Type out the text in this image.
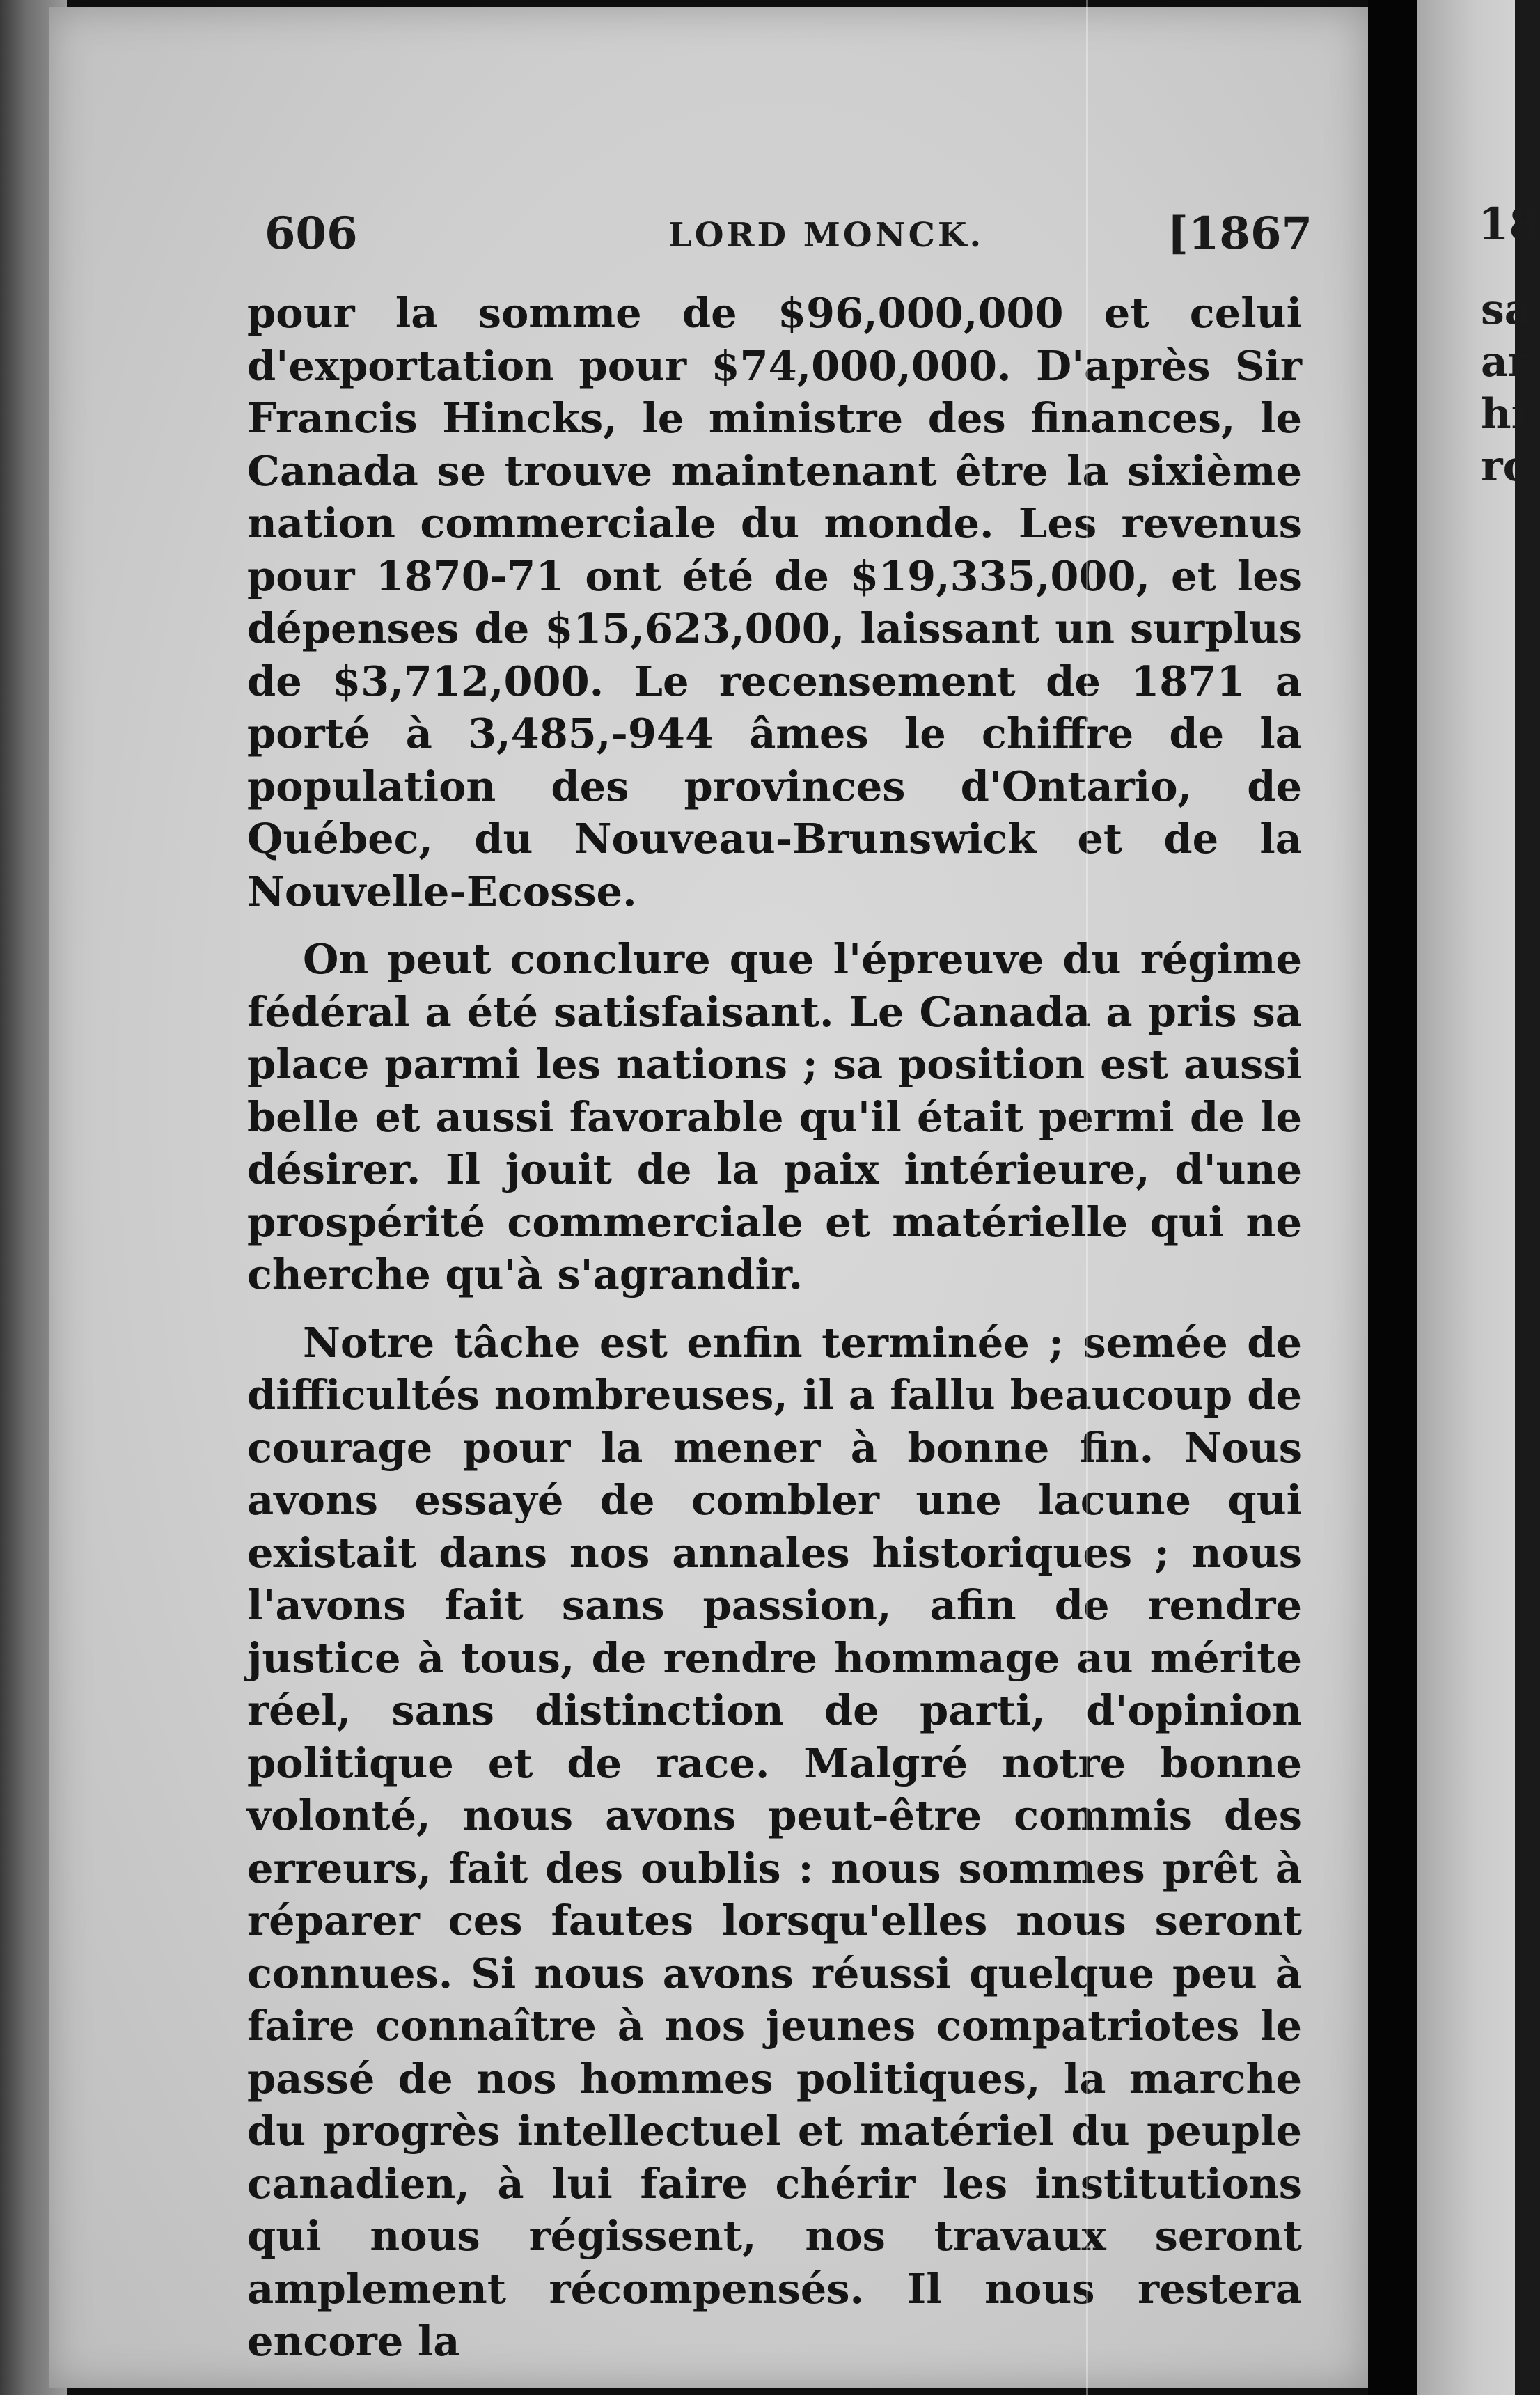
606	LORD MONCK.	[1867

pour la somme de $96,000,000 et celui d'exportation pour $74,000,000. D'après Sir Francis Hincks, le ministre des finances, le Canada se trouve maintenant être la sixième nation commerciale du monde. Les revenus pour 1870-71 ont été de $19,335,000, et les dépenses de $15,623,000, laissant un surplus de $3,712,000. Le recensement de 1871 a porté à 3,485,-944 âmes le chiffre de la population des provinces d'Ontario, de Québec, du Nouveau-Brunswick et de la Nouvelle-Ecosse.

On peut conclure que l'épreuve du régime fédéral a été satisfaisant. Le Canada a pris sa place parmi les nations ; sa position est aussi belle et aussi favorable qu'il était permi de le désirer. Il jouit de la paix intérieure, d'une prospérité commerciale et matérielle qui ne cherche qu'à s'agrandir.

Notre tâche est enfin terminée ; semée de difficultés nombreuses, il a fallu beaucoup de courage pour la mener à bonne fin. Nous avons essayé de combler une lacune qui existait dans nos annales historiques ; nous l'avons fait sans passion, afin de rendre justice à tous, de rendre hommage au mérite réel, sans distinction de parti, d'opinion politique et de race. Malgré notre bonne volonté, nous avons peut-être commis des erreurs, fait des oublis : nous sommes prêt à réparer ces fautes lorsqu'elles nous seront connues. Si nous avons réussi quelque peu à faire connaître à nos jeunes compatriotes le passé de nos hommes politiques, la marche du progrès intellectuel et matériel du peuple canadien, à lui faire chérir les institutions qui nous régissent, nos travaux seront amplement récompensés. Il nous restera encore la

18
sa
ar
hi
rc
